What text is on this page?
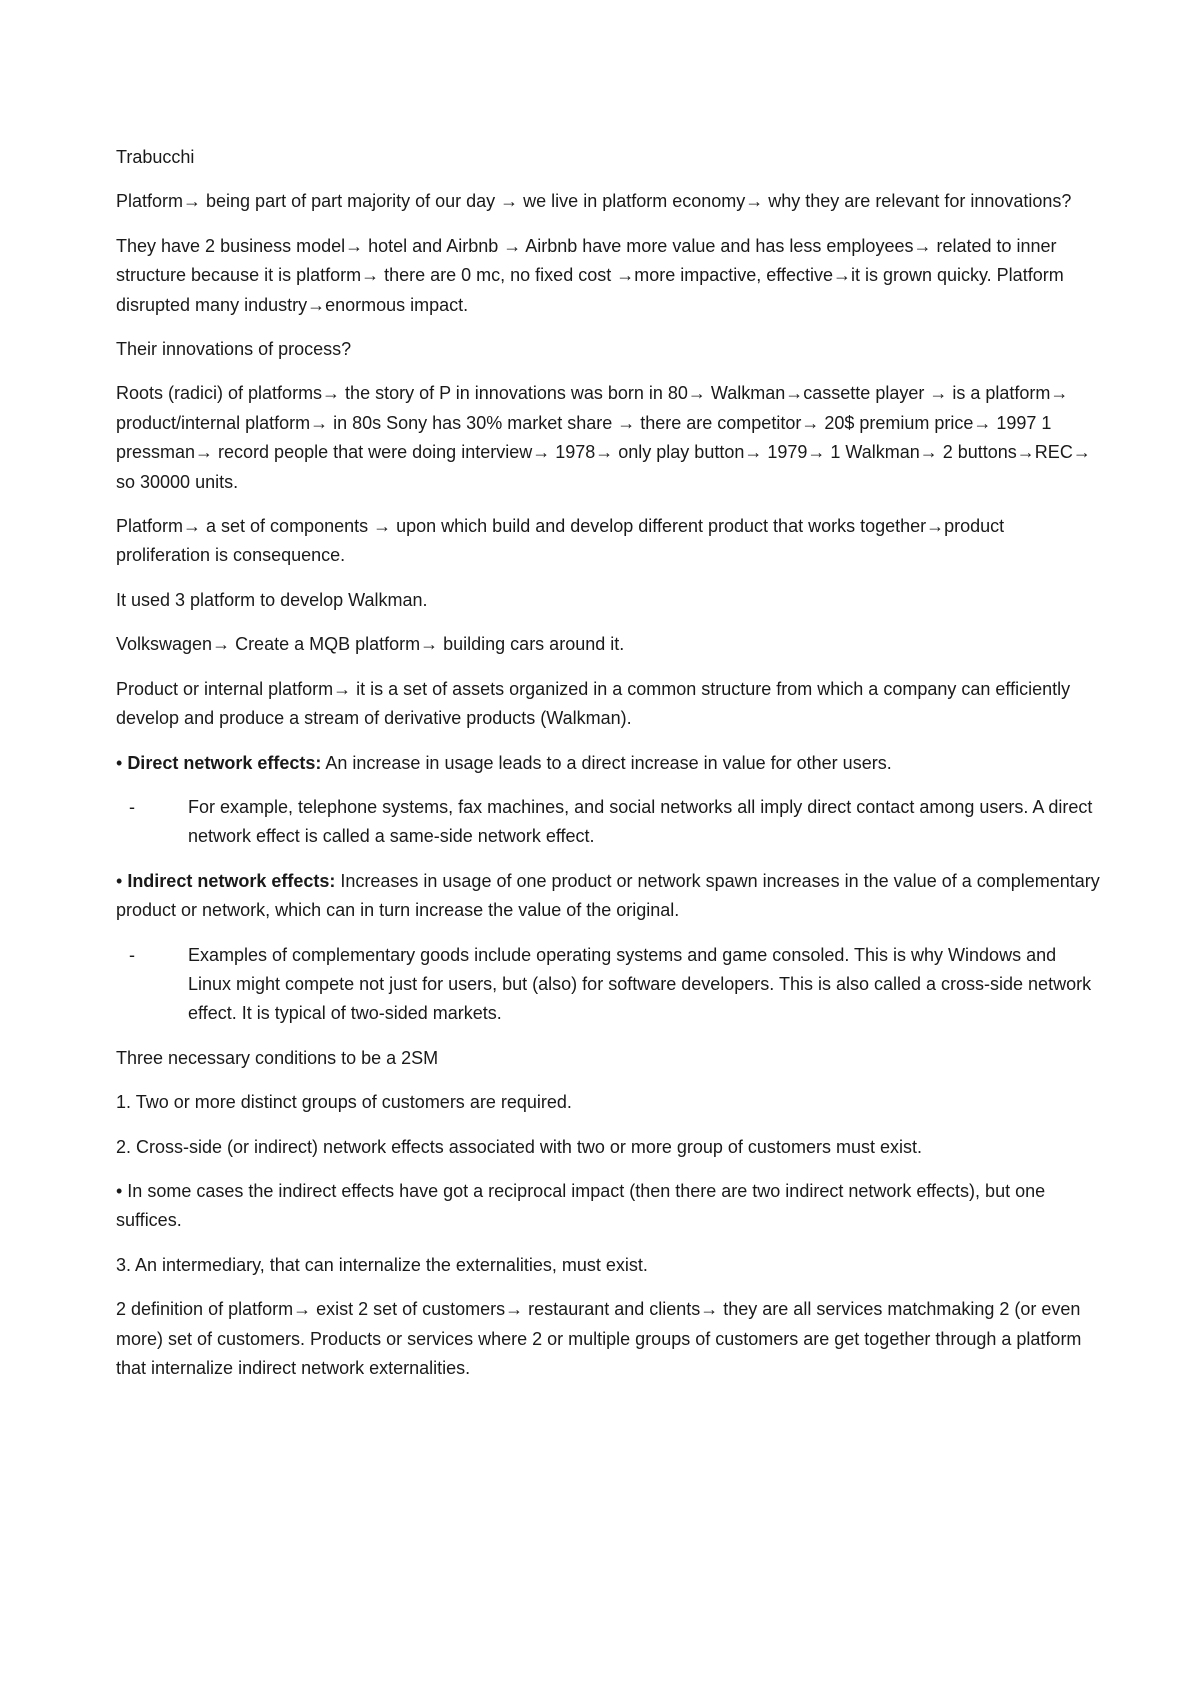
Trabucchi

Platform→ being part of part majority of our day → we live in platform economy→ why they are relevant for innovations?

They have 2 business model→ hotel and Airbnb → Airbnb have more value and has less employees→ related to inner structure because it is platform→ there are 0 mc, no fixed cost →more impactive, effective→it is grown quicky. Platform disrupted many industry→enormous impact.

Their innovations of process?

Roots (radici) of platforms→ the story of P in innovations was born in 80→ Walkman→cassette player → is a platform→ product/internal platform→ in 80s Sony has 30% market share → there are competitor→ 20$ premium price→ 1997 1 pressman→ record people that were doing interview→ 1978→ only play button→ 1979→ 1 Walkman→ 2 buttons→REC→ so 30000 units.

Platform→ a set of components → upon which build and develop different product that works together→product proliferation is consequence.

It used 3 platform to develop Walkman.

Volkswagen→ Create a MQB platform→ building cars around it.

Product or internal platform→ it is a set of assets organized in a common structure from which a company can efficiently develop and produce a stream of derivative products (Walkman).

• Direct network effects: An increase in usage leads to a direct increase in value for other users.

-	For example, telephone systems, fax machines, and social networks all imply direct contact among users. A direct network effect is called a same-side network effect.

• Indirect network effects: Increases in usage of one product or network spawn increases in the value of a complementary product or network, which can in turn increase the value of the original.

-	Examples of complementary goods include operating systems and game consoled. This is why Windows and Linux might compete not just for users, but (also) for software developers. This is also called a cross-side network effect. It is typical of two-sided markets.

Three necessary conditions to be a 2SM

1. Two or more distinct groups of customers are required.

2. Cross-side (or indirect) network effects associated with two or more group of customers must exist.

• In some cases the indirect effects have got a reciprocal impact (then there are two indirect network effects), but one suffices.

3. An intermediary, that can internalize the externalities, must exist.

2 definition of platform→ exist 2 set of customers→ restaurant and clients→ they are all services matchmaking 2 (or even more) set of customers. Products or services where 2 or multiple groups of customers are get together through a platform that internalize indirect network externalities.
